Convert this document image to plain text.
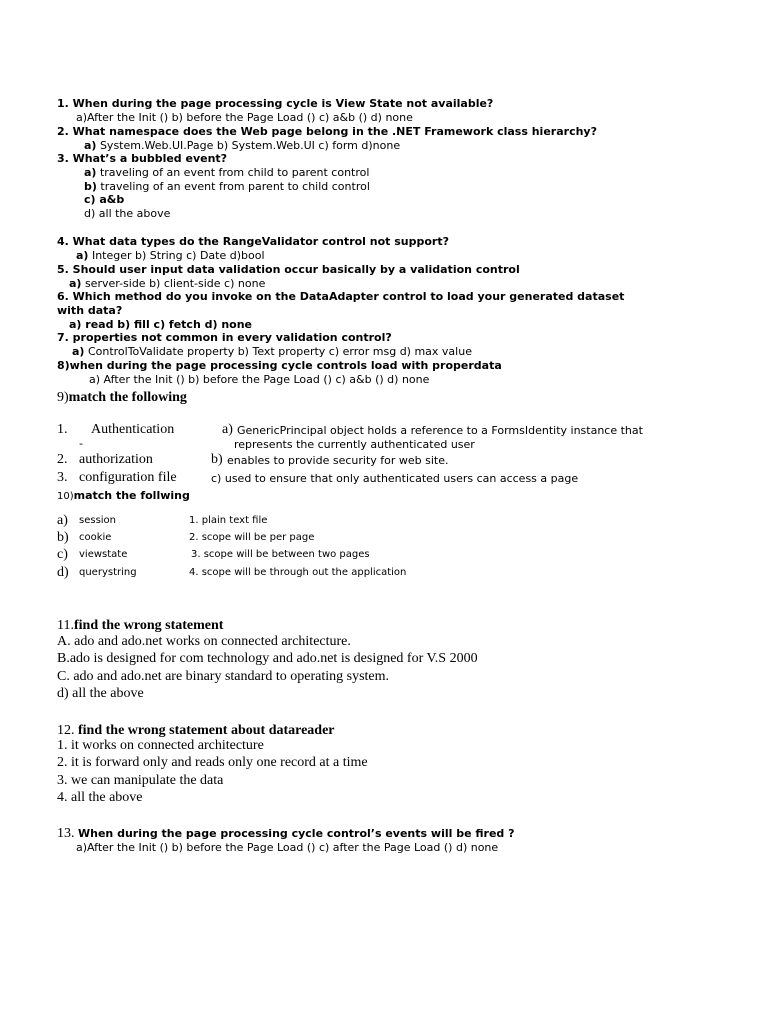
1. When during the page processing cycle is View State not available?
a)After the Init () b) before the Page Load () c) a&b () d) none
2. What namespace does the Web page belong in the .NET Framework class hierarchy?
a) System.Web.UI.Page b) System.Web.UI c) form d)none
3. What’s a bubbled event?
a) traveling of an event from child to parent control
b) traveling of an event from parent to child control
c) a&b
d) all the above
4. What data types do the RangeValidator control not support?
a) Integer b) String c) Date d)bool
5. Should user input data validation occur basically by a validation control
a) server-side b) client-side c) none
6. Which method do you invoke on the DataAdapter control to load your generated dataset
with data?
a) read b) fill c) fetch d) none
7. properties not common in every validation control?
a) ControlToValidate property b) Text property c) error msg d) max value
8)when during the page processing cycle controls load with properdata
a) After the Init () b) before the Page Load () c) a&b () d) none
9)match the following
1. Authentication	a) GenericPrincipal object holds a reference to a FormsIdentity instance that
-	represents the currently authenticated user
2. authorization	b) enables to provide security for web site.
3. configuration file	c) used to ensure that only authenticated users can access a page
10)match the follwing
a) session	1. plain text file
b) cookie	2. scope will be per page
c) viewstate	3. scope will be between two pages
d) querystring	4. scope will be through out the application
11.find the wrong statement
A. ado and ado.net works on connected architecture.
B.ado is designed for com technology and ado.net is designed for V.S 2000
C. ado and ado.net are binary standard to operating system.
d) all the above
12. find the wrong statement about datareader
1. it works on connected architecture
2. it is forward only and reads only one record at a time
3. we can manipulate the data
4. all the above
13. When during the page processing cycle control’s events will be fired ?
a)After the Init () b) before the Page Load () c) after the Page Load () d) none
